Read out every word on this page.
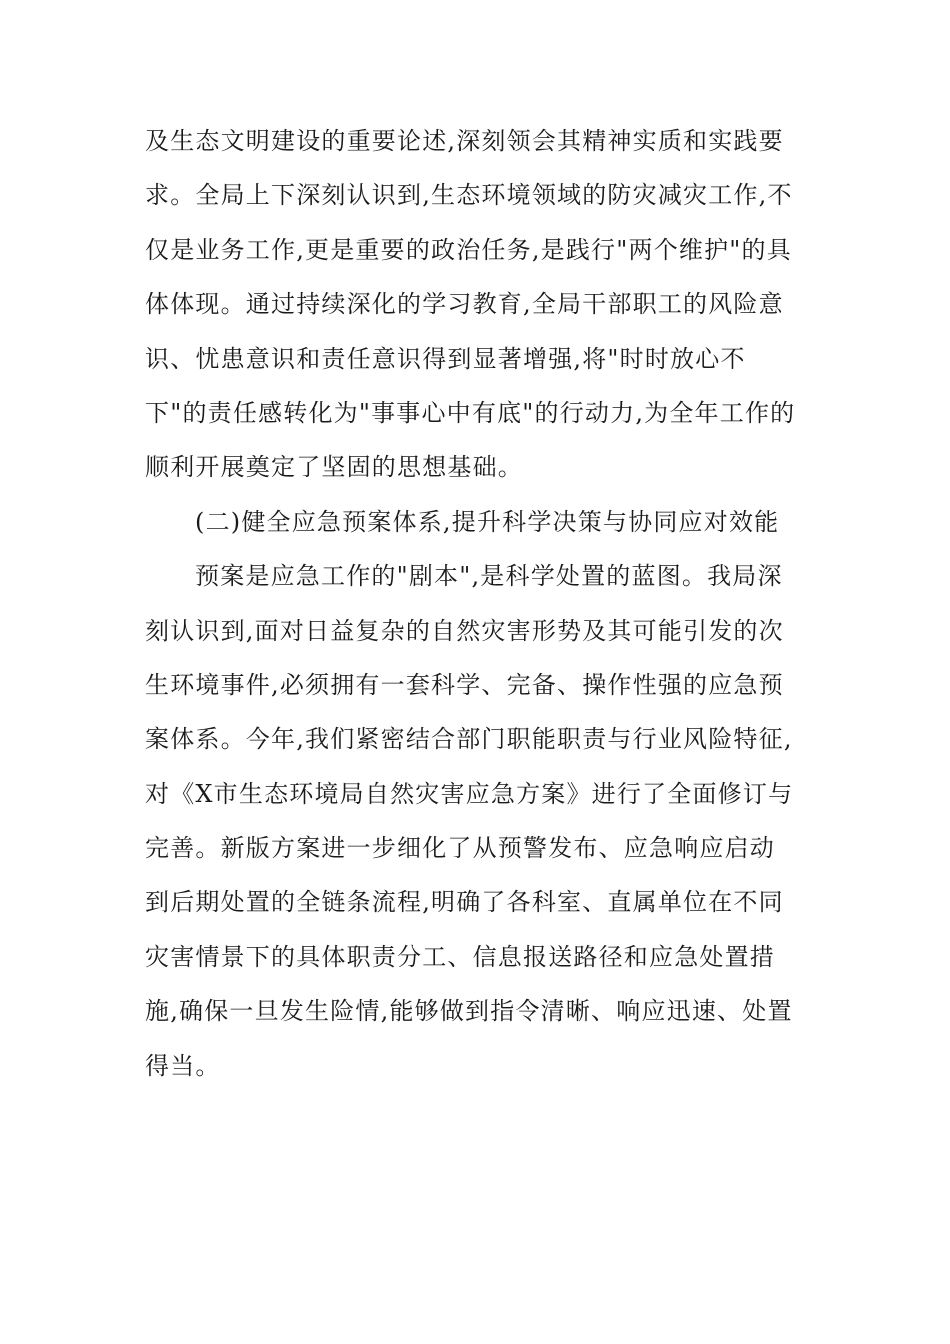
及生态文明建设的重要论述,深刻领会其精神实质和实践要
求。全局上下深刻认识到,生态环境领域的防灾减灾工作,不
仅是业务工作,更是重要的政治任务,是践行"两个维护"的具
体体现。通过持续深化的学习教育,全局干部职工的风险意
识、忧患意识和责任意识得到显著增强,将"时时放心不
下"的责任感转化为"事事心中有底"的行动力,为全年工作的
顺利开展奠定了坚固的思想基础。
(二)健全应急预案体系,提升科学决策与协同应对效能
预案是应急工作的"剧本",是科学处置的蓝图。我局深
刻认识到,面对日益复杂的自然灾害形势及其可能引发的次
生环境事件,必须拥有一套科学、完备、操作性强的应急预
案体系。今年,我们紧密结合部门职能职责与行业风险特征,
对《X市生态环境局自然灾害应急方案》进行了全面修订与
完善。新版方案进一步细化了从预警发布、应急响应启动
到后期处置的全链条流程,明确了各科室、直属单位在不同
灾害情景下的具体职责分工、信息报送路径和应急处置措
施,确保一旦发生险情,能够做到指令清晰、响应迅速、处置
得当。
